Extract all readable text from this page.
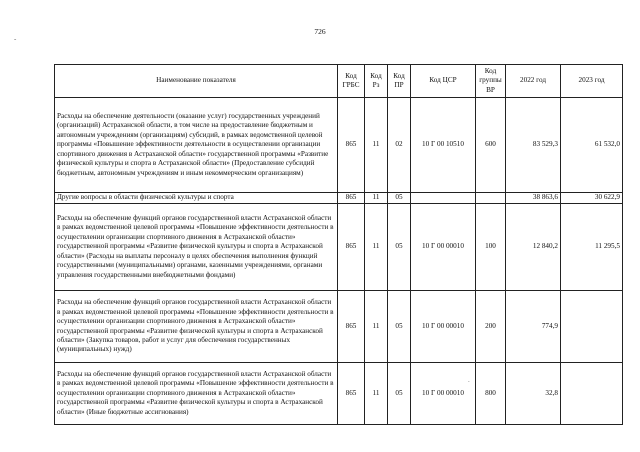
726
-
.
Наименование показателя	Код ГРБС	Код Рз	Код ПР	Код ЦСР	Код группы ВР	2022 год	2023 год
Расходы на обеспечение деятельности (оказание услуг) государственных учреждений (организаций) Астраханской области, в том числе на предоставление бюджетным и автономным учреждениям (организациям) субсидий, в рамках ведомственной целевой программы «Повышение эффективности деятельности в осуществлении организации спортивного движения в Астраханской области» государственной программы «Развитие физической культуры и спорта в Астраханской области» (Предоставление субсидий бюджетным, автономным учреждениям и иным некоммерческим организациям)	865	11	02	10 Г 00 10510	600	83 529,3	61 532,0
Другие вопросы в области физической культуры и спорта	865	11	05			38 863,6	30 622,9
Расходы на обеспечение функций органов государственной власти Астраханской области в рамках ведомственной целевой программы «Повышение эффективности деятельности в осуществлении организации спортивного движения в Астраханской области» государственной программы «Развитие физической культуры и спорта в Астраханской области» (Расходы на выплаты персоналу в целях обеспечения выполнения функций государственными (муниципальными) органами, казенными учреждениями, органами управления государственными внебюджетными фондами)	865	11	05	10 Г 00 00010	100	12 840,2	11 295,5
Расходы на обеспечение функций органов государственной власти Астраханской области в рамках ведомственной целевой программы «Повышение эффективности деятельности в осуществлении организации спортивного движения в Астраханской области» государственной программы «Развитие физической культуры и спорта в Астраханской области» (Закупка товаров, работ и услуг для обеспечения государственных (муниципальных) нужд)	865	11	05	10 Г 00 00010	200	774,9	
Расходы на обеспечение функций органов государственной власти Астраханской области в рамках ведомственной целевой программы «Повышение эффективности деятельности в осуществлении организации спортивного движения в Астраханской области» государственной программы «Развитие физической культуры и спорта в Астраханской области» (Иные бюджетные ассигнования)	865	11	05	10 Г 00 00010	800	32,8	
